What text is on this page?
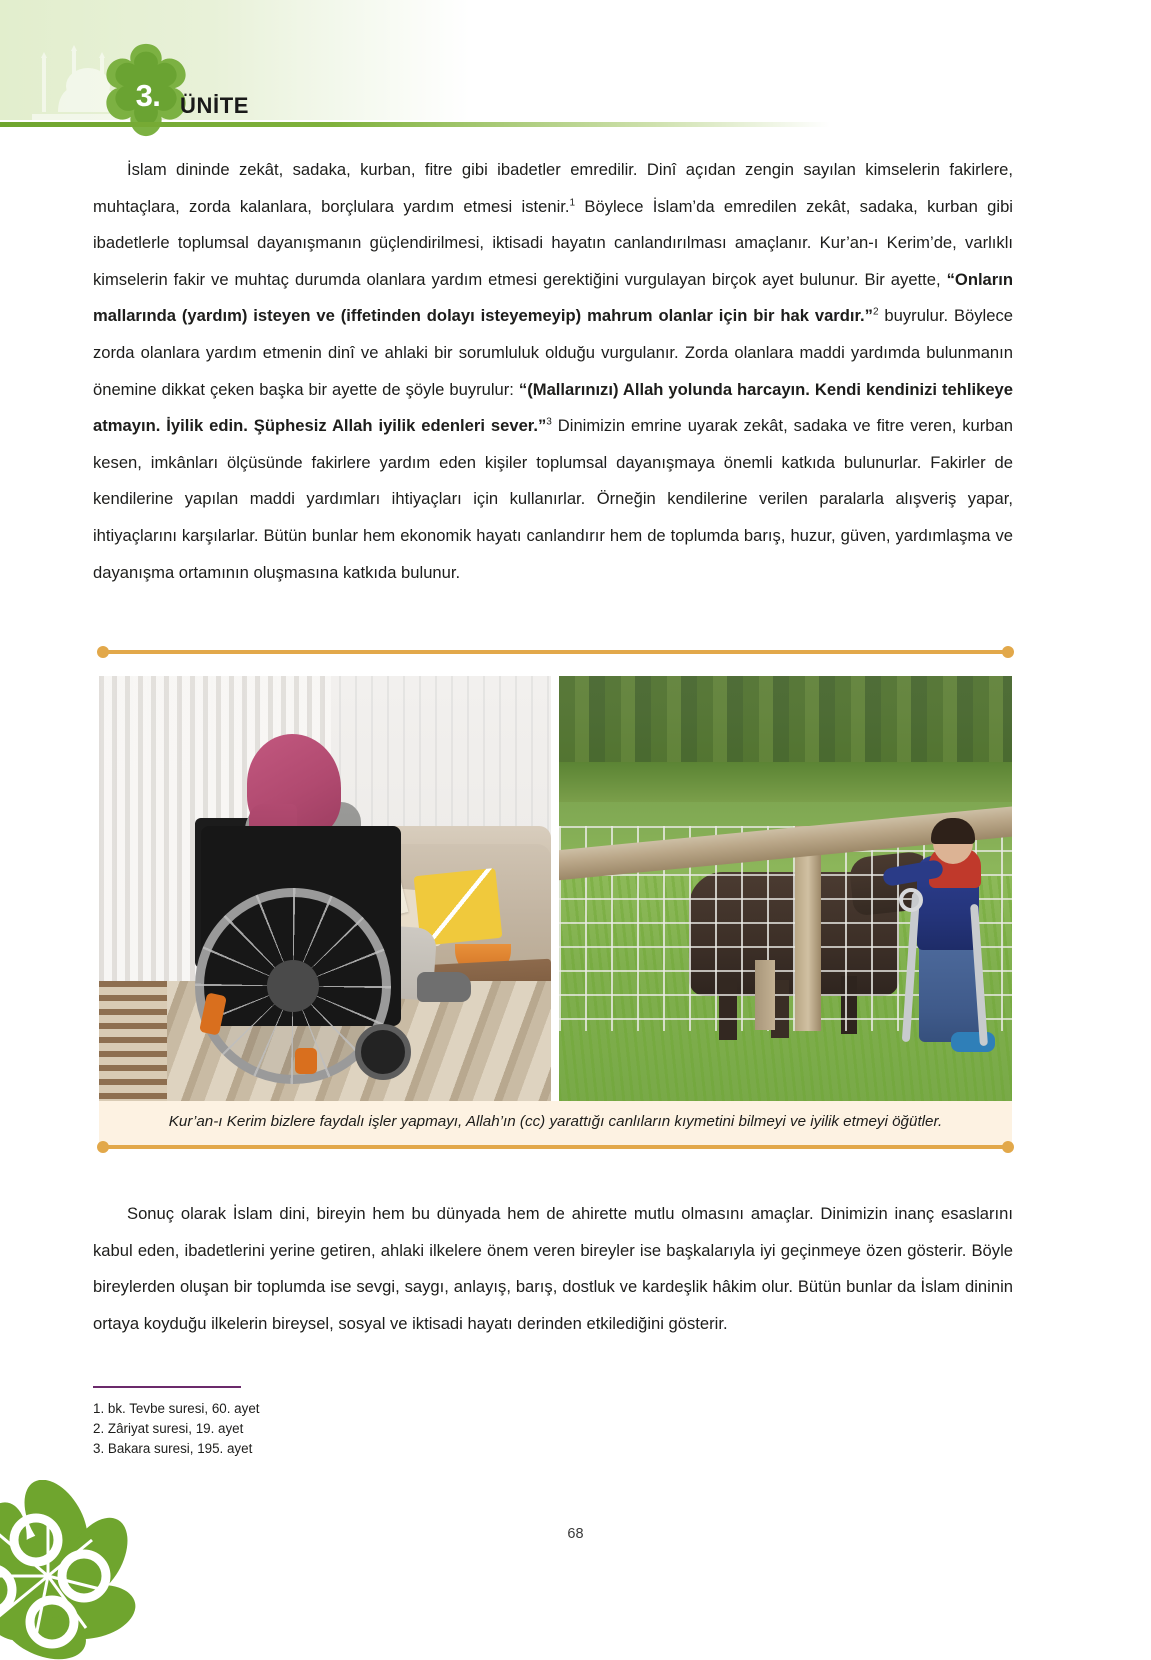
3. ÜNİTE

İslam dininde zekât, sadaka, kurban, fitre gibi ibadetler emredilir. Dinî açıdan zengin sayılan kimselerin fakirlere, muhtaçlara, zorda kalanlara, borçlulara yardım etmesi istenir.$^1$ Böylece İslam’da emredilen zekât, sadaka, kurban gibi ibadetlerle toplumsal dayanışmanın güçlendirilmesi, iktisadi hayatın canlandırılması amaçlanır. Kur’an-ı Kerim’de, varlıklı kimselerin fakir ve muhtaç durumda olanlara yardım etmesi gerektiğini vurgulayan birçok ayet bulunur. Bir ayette, “Onların mallarında (yardım) isteyen ve (iffetinden dolayı isteyemeyip) mahrum olanlar için bir hak vardır.”$^2$ buyrulur. Böylece zorda olanlara yardım etmenin dinî ve ahlaki bir sorumluluk olduğu vurgulanır. Zorda olanlara maddi yardımda bulunmanın önemine dikkat çeken başka bir ayette de şöyle buyrulur: “(Mallarınızı) Allah yolunda harcayın. Kendi kendinizi tehlikeye atmayın. İyilik edin. Şüphesiz Allah iyilik edenleri sever.”$^3$ Dinimizin emrine uyarak zekât, sadaka ve fitre veren, kurban kesen, imkânları ölçüsünde fakirlere yardım eden kişiler toplumsal dayanışmaya önemli katkıda bulunurlar. Fakirler de kendilerine yapılan maddi yardımları ihtiyaçları için kullanırlar. Örneğin kendilerine verilen paralarla alışveriş yapar, ihtiyaçlarını karşılarlar. Bütün bunlar hem ekonomik hayatı canlandırır hem de toplumda barış, huzur, güven, yardımlaşma ve dayanışma ortamının oluşmasına katkıda bulunur.

Kur’an-ı Kerim bizlere faydalı işler yapmayı, Allah’ın (cc) yarattığı canlıların kıymetini bilmeyi ve iyilik etmeyi öğütler.

Sonuç olarak İslam dini, bireyin hem bu dünyada hem de ahirette mutlu olmasını amaçlar. Dinimizin inanç esaslarını kabul eden, ibadetlerini yerine getiren, ahlaki ilkelere önem veren bireyler ise başkalarıyla iyi geçinmeye özen gösterir. Böyle bireylerden oluşan bir toplumda ise sevgi, saygı, anlayış, barış, dostluk ve kardeşlik hâkim olur. Bütün bunlar da İslam dininin ortaya koyduğu ilkelerin bireysel, sosyal ve iktisadi hayatı derinden etkilediğini gösterir.

1. bk. Tevbe suresi, 60. ayet
2. Zâriyat suresi, 19. ayet
3. Bakara suresi, 195. ayet
68
